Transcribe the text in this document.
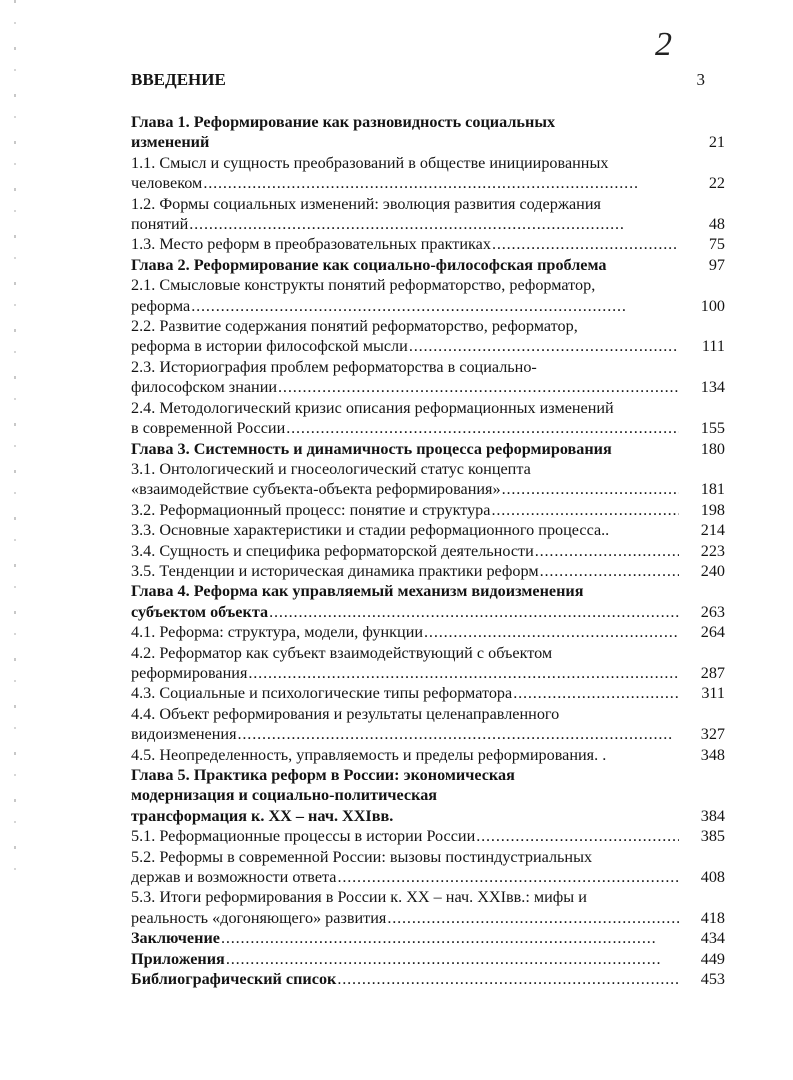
2
ВВЕДЕНИЕ	3
Глава 1. Реформирование как разновидность социальных
изменений	21
1.1. Смысл и сущность преобразований в обществе инициированных
человеком . . .	22
1.2. Формы социальных изменений: эволюция развития содержания
понятий . . .	48
1.3. Место реформ в преобразовательных практиках . . .	75
Глава 2. Реформирование как социально-философская проблема	97
2.1. Смысловые конструкты понятий реформаторство, реформатор,
реформа . . .	100
2.2. Развитие содержания понятий реформаторство, реформатор,
реформа в истории философской мысли . . .	111
2.3. Историография проблем реформаторства в социально-
философском знании . . .	134
2.4. Методологический кризис описания реформационных изменений
в современной России . . .	155
Глава 3. Системность и динамичность процесса реформирования	180
3.1. Онтологический и гносеологический статус концепта
«взаимодействие субъекта-объекта реформирования» . . .	181
3.2. Реформационный процесс: понятие и структура . . .	198
3.3. Основные характеристики и стадии реформационного процесса..	214
3.4. Сущность и специфика реформаторской деятельности . . .	223
3.5. Тенденции и историческая динамика практики реформ . . .	240
Глава 4. Реформа как управляемый механизм видоизменения
субъектом объекта . . .	263
4.1. Реформа: структура, модели, функции . . .	264
4.2. Реформатор как субъект взаимодействующий с объектом
реформирования . . .	287
4.3. Социальные и психологические типы реформатора . . .	311
4.4. Объект реформирования и результаты целенаправленного
видоизменения . . .	327
4.5. Неопределенность, управляемость и пределы реформирования. .	348
Глава 5. Практика реформ в России: экономическая
модернизация и социально-политическая
трансформация к. XX – нач. XXIвв.	384
5.1. Реформационные процессы в истории России . . .	385
5.2. Реформы в современной России: вызовы постиндустриальных
держав и возможности ответа . . .	408
5.3. Итоги реформирования в России к. XX – нач. XXIвв.: мифы и
реальность «догоняющего» развития . . .	418
Заключение . . .	434
Приложения . . .	449
Библиографический список . . .	453
